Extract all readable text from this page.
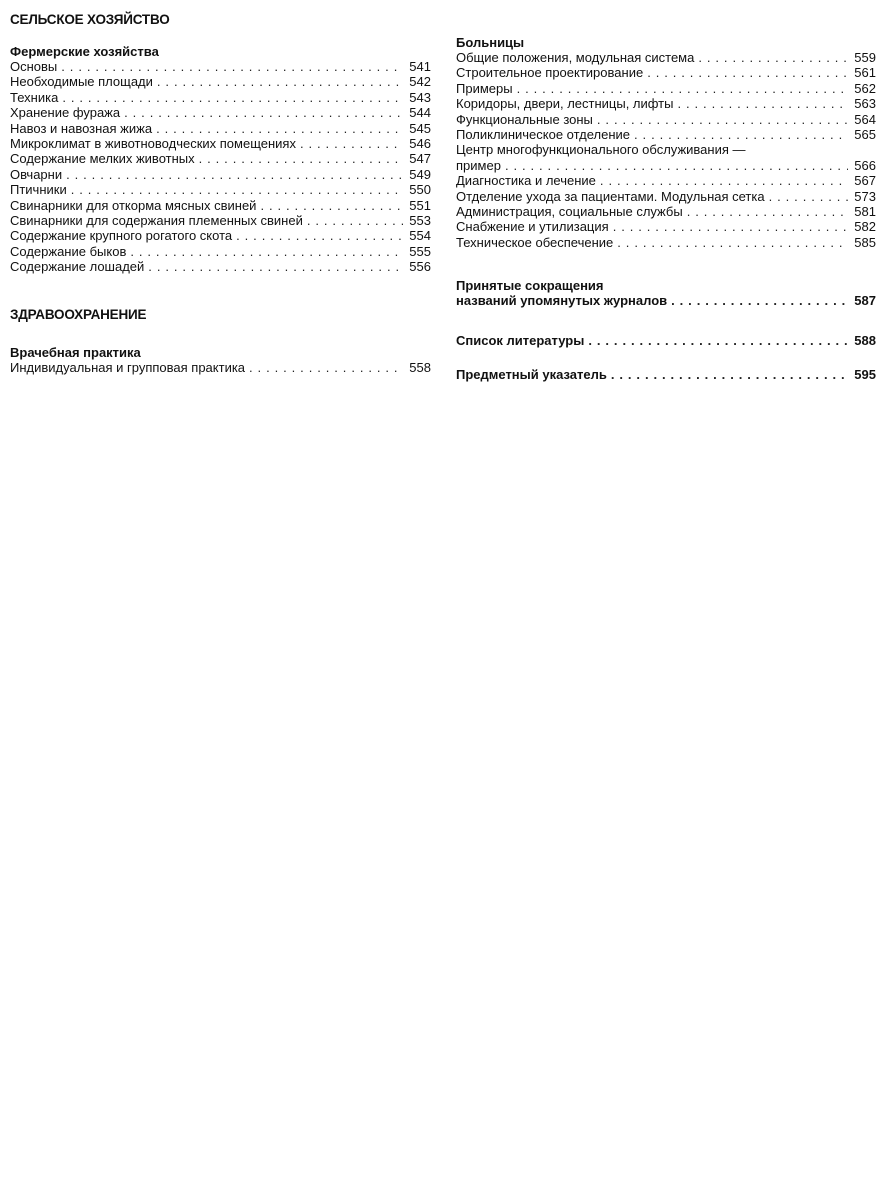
СЕЛЬСКОЕ ХОЗЯЙСТВО
Фермерские хозяйства
Основы . . .	541
Необходимые площади . . .	542
Техника . . .	543
Хранение фуража . . .	544
Навоз и навозная жижа . . .	545
Микроклимат в животноводческих помещениях . . .	546
Содержание мелких животных . . .	547
Овчарни . . .	549
Птичники . . .	550
Свинарники для откорма мясных свиней . . .	551
Свинарники для содержания племенных свиней . . .	553
Содержание крупного рогатого скота . . .	554
Содержание быков . . .	555
Содержание лошадей . . .	556
ЗДРАВООХРАНЕНИЕ
Врачебная практика
Индивидуальная и групповая практика . . .	558
Больницы
Общие положения, модульная система . . .	559
Строительное проектирование . . .	561
Примеры . . .	562
Коридоры, двери, лестницы, лифты . . .	563
Функциональные зоны . . .	564
Поликлиническое отделение . . .	565
Центр многофункционального обслуживания —
пример . . .	566
Диагностика и лечение . . .	567
Отделение ухода за пациентами. Модульная сетка . . .	573
Администрация, социальные службы . . .	581
Снабжение и утилизация . . .	582
Техническое обеспечение . . .	585
Принятые сокращения
названий упомянутых журналов . . .	587
Список литературы . . .	588
Предметный указатель . . .	595
